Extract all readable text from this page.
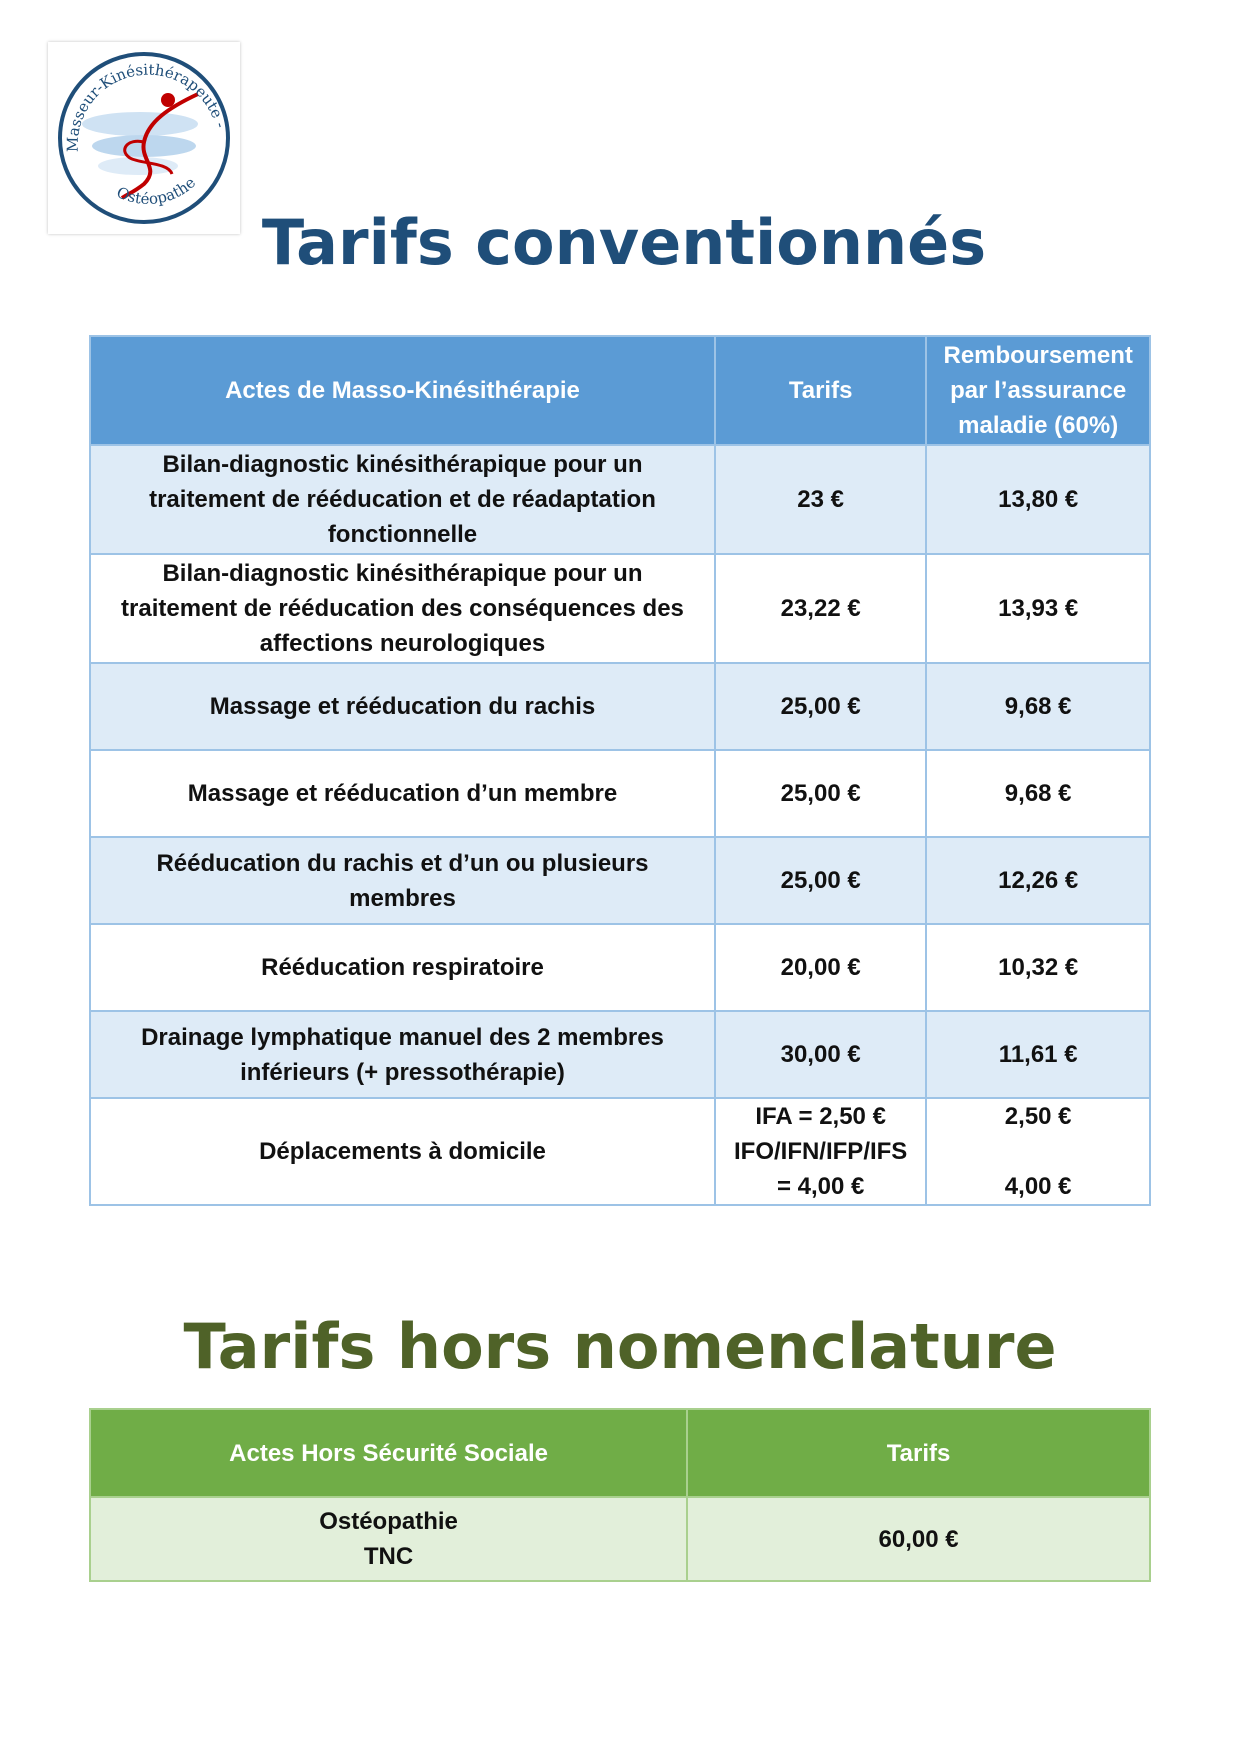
Masseur-Kinésithérapeute -
Ostéopathe
Tarifs conventionnés
Actes de Masso-Kinésithérapie	Tarifs	Remboursement
par l’assurance
maladie (60%)

Bilan-diagnostic kinésithérapique pour un
traitement de rééducation et de réadaptation
fonctionnelle	23 €	13,80 €

Bilan-diagnostic kinésithérapique pour un
traitement de rééducation des conséquences des
affections neurologiques	23,22 €	13,93 €

Massage et rééducation du rachis	25,00 €	9,68 €

Massage et rééducation d’un membre	25,00 €	9,68 €

Rééducation du rachis et d’un ou plusieurs
membres	25,00 €	12,26 €

Rééducation respiratoire	20,00 €	10,32 €

Drainage lymphatique manuel des 2 membres
inférieurs (+ pressothérapie)	30,00 €	11,61 €
Déplacements à domicile	IFA = 2,50 €
IFO/IFN/IFP/IFS
= 4,00 €	2,50 €
4,00 €
Tarifs hors nomenclature
Actes Hors Sécurité Sociale	Tarifs

Ostéopathie
TNC	60,00 €
